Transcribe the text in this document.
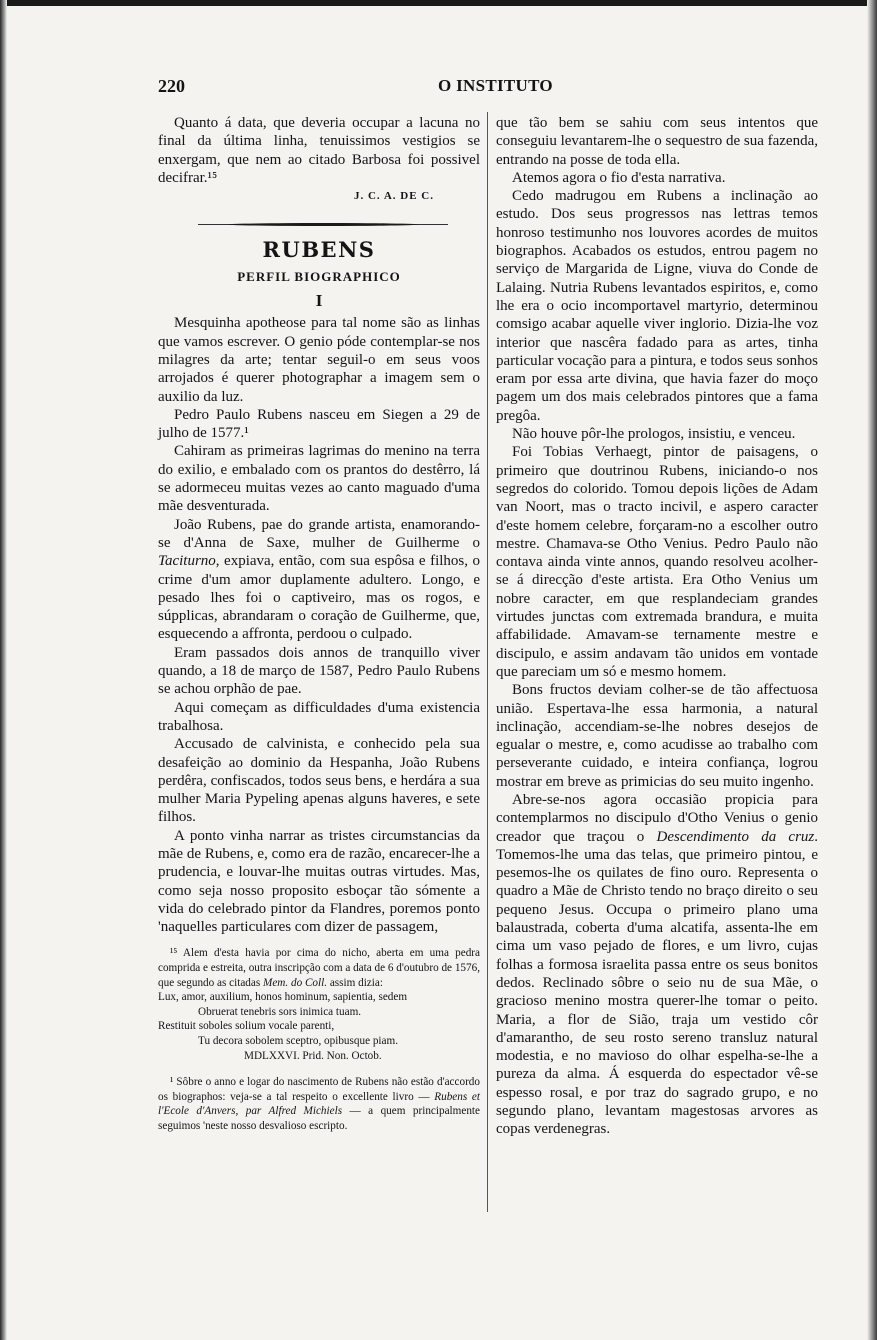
220	O INSTITUTO

Quanto á data, que deveria occupar a lacuna no final da última linha, tenuissimos vestigios se enxergam, que nem ao citado Barbosa foi possivel decifrar.¹⁵

J. C. A. DE C.

RUBENS
PERFIL BIOGRAPHICO
I

Mesquinha apotheose para tal nome são as linhas que vamos escrever. O genio póde contemplar-se nos milagres da arte; tentar seguil-o em seus voos arrojados é querer photographar a imagem sem o auxilio da luz.

Pedro Paulo Rubens nasceu em Siegen a 29 de julho de 1577.¹

Cahiram as primeiras lagrimas do menino na terra do exilio, e embalado com os prantos do destêrro, lá se adormeceu muitas vezes ao canto maguado d'uma mãe desventurada.

João Rubens, pae do grande artista, enamorando-se d'Anna de Saxe, mulher de Guilherme o Taciturno, expiava, então, com sua espôsa e filhos, o crime d'um amor duplamente adultero. Longo, e pesado lhes foi o captiveiro, mas os rogos, e súpplicas, abrandaram o coração de Guilherme, que, esquecendo a affronta, perdoou o culpado.

Eram passados dois annos de tranquillo viver quando, a 18 de março de 1587, Pedro Paulo Rubens se achou orphão de pae.

Aqui começam as difficuldades d'uma existencia trabalhosa.

Accusado de calvinista, e conhecido pela sua desafeição ao dominio da Hespanha, João Rubens perdêra, confiscados, todos seus bens, e herdára a sua mulher Maria Pypeling apenas alguns haveres, e sete filhos.

A ponto vinha narrar as tristes circumstancias da mãe de Rubens, e, como era de razão, encarecer-lhe a prudencia, e louvar-lhe muitas outras virtudes. Mas, como seja nosso proposito esboçar tão sómente a vida do celebrado pintor da Flandres, poremos ponto 'naquelles particulares com dizer de passagem,

¹⁵ Alem d'esta havia por cima do nicho, aberta em uma pedra comprida e estreita, outra inscripção com a data de 6 d'outubro de 1576, que segundo as citadas Mem. do Coll. assim dizia:

Lux, amor, auxilium, honos hominum, sapientia, sedem

Obruerat tenebris sors inimica tuam.

Restituit soboles solium vocale parenti,

Tu decora sobolem sceptro, opibusque piam.

MDLXXVI. Prid. Non. Octob.

¹ Sôbre o anno e logar do nascimento de Rubens não estão d'accordo os biographos: veja-se a tal respeito o excellente livro — Rubens et l'Ecole d'Anvers, par Alfred Michiels — a quem principalmente seguimos 'neste nosso desvalioso escripto.

que tão bem se sahiu com seus intentos que conseguiu levantarem-lhe o sequestro de sua fazenda, entrando na posse de toda ella.

Atemos agora o fio d'esta narrativa.

Cedo madrugou em Rubens a inclinação ao estudo. Dos seus progressos nas lettras temos honroso testimunho nos louvores acordes de muitos biographos. Acabados os estudos, entrou pagem no serviço de Margarida de Ligne, viuva do Conde de Lalaing. Nutria Rubens levantados espiritos, e, como lhe era o ocio incomportavel martyrio, determinou comsigo acabar aquelle viver inglorio. Dizia-lhe voz interior que nascêra fadado para as artes, tinha particular vocação para a pintura, e todos seus sonhos eram por essa arte divina, que havia fazer do moço pagem um dos mais celebrados pintores que a fama pregôa.

Não houve pôr-lhe prologos, insistiu, e venceu.

Foi Tobias Verhaegt, pintor de paisagens, o primeiro que doutrinou Rubens, iniciando-o nos segredos do colorido. Tomou depois lições de Adam van Noort, mas o tracto incivil, e aspero caracter d'este homem celebre, forçaram-no a escolher outro mestre. Chamava-se Otho Venius. Pedro Paulo não contava ainda vinte annos, quando resolveu acolher-se á direcção d'este artista. Era Otho Venius um nobre caracter, em que resplandeciam grandes virtudes junctas com extremada brandura, e muita affabilidade. Amavam-se ternamente mestre e discipulo, e assim andavam tão unidos em vontade que pareciam um só e mesmo homem.

Bons fructos deviam colher-se de tão affectuosa união. Espertava-lhe essa harmonia, a natural inclinação, accendiam-se-lhe nobres desejos de egualar o mestre, e, como acudisse ao trabalho com perseverante cuidado, e inteira confiança, logrou mostrar em breve as primicias do seu muito ingenho.

Abre-se-nos agora occasião propicia para contemplarmos no discipulo d'Otho Venius o genio creador que traçou o Descendimento da cruz. Tomemos-lhe uma das telas, que primeiro pintou, e pesemos-lhe os quilates de fino ouro. Representa o quadro a Mãe de Christo tendo no braço direito o seu pequeno Jesus. Occupa o primeiro plano uma balaustrada, coberta d'uma alcatifa, assenta-lhe em cima um vaso pejado de flores, e um livro, cujas folhas a formosa israelita passa entre os seus bonitos dedos. Reclinado sôbre o seio nu de sua Mãe, o gracioso menino mostra querer-lhe tomar o peito. Maria, a flor de Sião, traja um vestido côr d'amaranthо, de seu rosto sereno transluz natural modestia, e no mavioso do olhar espelha-se-lhe a pureza da alma. Á esquerda do espectador vê-se espesso rosal, e por traz do sagrado grupo, e no segundo plano, levantam magestosas arvores as copas verdenegras.
